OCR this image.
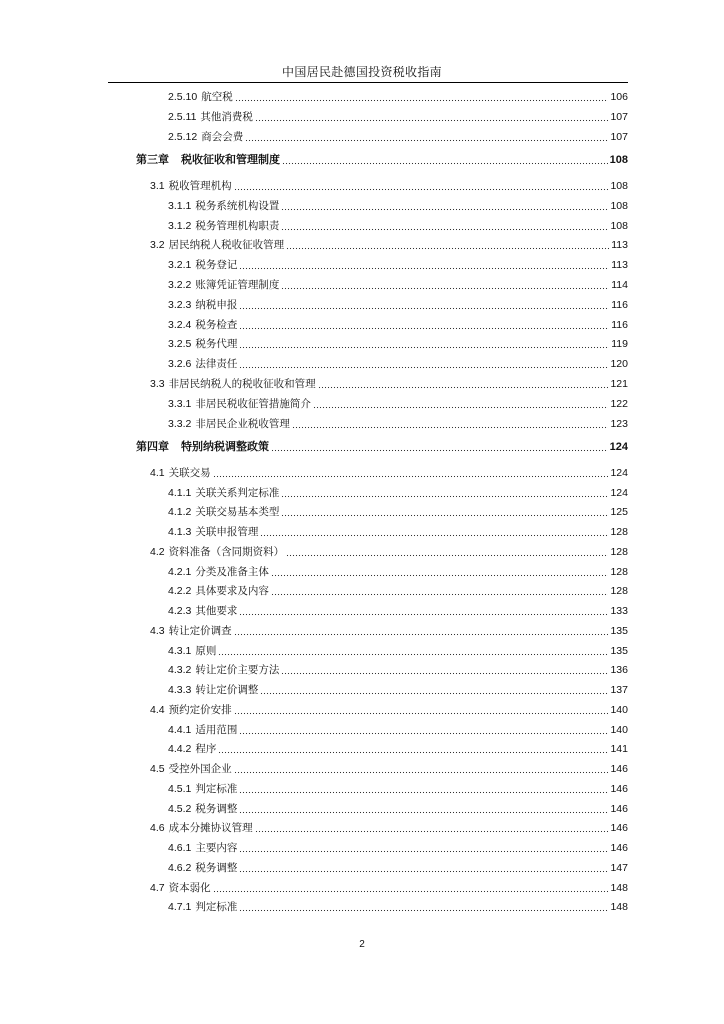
中国居民赴德国投资税收指南
2.5.10 航空税	106
2.5.11 其他消费税	107
2.5.12 商会会费	107
第三章	税收征收和管理制度	108
3.1 税收管理机构	108
3.1.1 税务系统机构设置	108
3.1.2 税务管理机构职责	108
3.2 居民纳税人税收征收管理	113
3.2.1 税务登记	113
3.2.2 账簿凭证管理制度	114
3.2.3 纳税申报	116
3.2.4 税务检查	116
3.2.5 税务代理	119
3.2.6 法律责任	120
3.3 非居民纳税人的税收征收和管理	121
3.3.1 非居民税收征管措施简介	122
3.3.2 非居民企业税收管理	123
第四章	特别纳税调整政策	124
4.1 关联交易	124
4.1.1 关联关系判定标准	124
4.1.2 关联交易基本类型	125
4.1.3 关联申报管理	128
4.2 资料准备（含同期资料）	128
4.2.1 分类及准备主体	128
4.2.2 具体要求及内容	128
4.2.3 其他要求	133
4.3 转让定价调查	135
4.3.1 原则	135
4.3.2 转让定价主要方法	136
4.3.3 转让定价调整	137
4.4 预约定价安排	140
4.4.1 适用范围	140
4.4.2 程序	141
4.5 受控外国企业	146
4.5.1 判定标准	146
4.5.2 税务调整	146
4.6 成本分摊协议管理	146
4.6.1 主要内容	146
4.6.2 税务调整	147
4.7 资本弱化	148
4.7.1 判定标准	148
2
